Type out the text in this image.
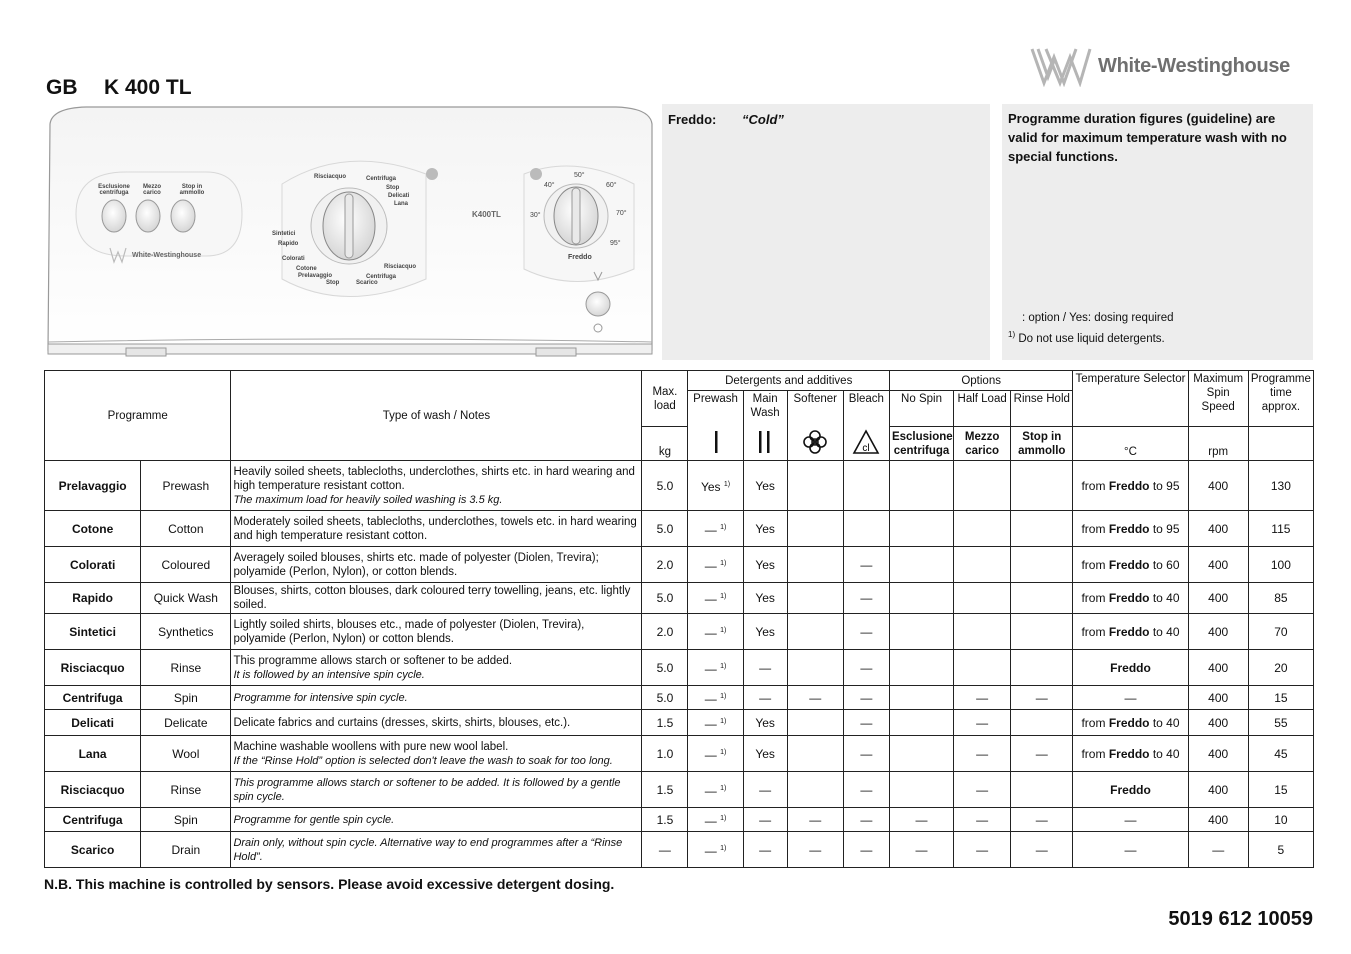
GB K 400 TL
White-Westinghouse
Esclusione centrifuga
Mezzo carico
Stop in ammollo
White-Westinghouse
K400TL
Risciacquo	Centrifuga
Stop
Delicati
Lana
Sintetici
Rapido
Colorati
Cotone
Prelavaggio
Stop
Risciacquo
Centrifuga
Scarico
50°
40°	60°
30°	70°
95°
Freddo
Freddo: “Cold”	Programme duration figures (guideline) are valid for maximum temperature wash with no special functions.
: option / Yes: dosing required
$^{1)}$ Do not use liquid detergents.
Programme		Type of wash / Notes	Max. load	Detergents and additives				Options			Temperature Selector	Maximum Spin Speed	Programme time approx.
				Prewash	Main Wash	Softener	Bleach	No Spin	Half Load	Rinse Hold			
			kg				cl	Esclusione centrifuga	Mezzo carico	Stop in ammollo	°C	rpm	
Prelavaggio	Prewash	Heavily soiled sheets, tablecloths, underclothes, shirts etc. in hard wearing and high temperature resistant cotton.
The maximum load for heavily soiled washing is 3.5 kg.	5.0	Yes $^{1)}$	Yes						from Freddo to 95	400	130
Cotone	Cotton	Moderately soiled sheets, tablecloths, underclothes, towels etc. in hard wearing and high temperature resistant cotton.	5.0	— $^{1)}$	Yes						from Freddo to 95	400	115
Colorati	Coloured	Averagely soiled blouses, shirts etc. made of polyester (Diolen, Trevira); polyamide (Perlon, Nylon), or cotton blends.	2.0	— $^{1)}$	Yes		—				from Freddo to 60	400	100
Rapido	Quick Wash	Blouses, shirts, cotton blouses, dark coloured terry towelling, jeans, etc. lightly soiled.	5.0	— $^{1)}$	Yes		—				from Freddo to 40	400	85
Sintetici	Synthetics	Lightly soiled shirts, blouses etc., made of polyester (Diolen, Trevira), polyamide (Perlon, Nylon) or cotton blends.	2.0	— $^{1)}$	Yes		—				from Freddo to 40	400	70
Risciacquo	Rinse	This programme allows starch or softener to be added.
It is followed by an intensive spin cycle.	5.0	— $^{1)}$	—		—				Freddo	400	20
Centrifuga	Spin	Programme for intensive spin cycle.	5.0	— $^{1)}$	—	—	—		—	—	—	400	15
Delicati	Delicate	Delicate fabrics and curtains (dresses, skirts, shirts, blouses, etc.).	1.5	— $^{1)}$	Yes		—		—		from Freddo to 40	400	55
Lana	Wool	Machine washable woollens with pure new wool label.
If the “Rinse Hold” option is selected don't leave the wash to soak for too long.	1.0	— $^{1)}$	Yes		—		—	—	from Freddo to 40	400	45
Risciacquo	Rinse	This programme allows starch or softener to be added. It is followed by a gentle spin cycle.	1.5	— $^{1)}$	—		—		—		Freddo	400	15
Centrifuga	Spin	Programme for gentle spin cycle.	1.5	— $^{1)}$	—	—	—	—	—	—	—	400	10
Scarico	Drain	Drain only, without spin cycle. Alternative way to end programmes after a “Rinse Hold”.	—	— $^{1)}$	—	—	—	—	—	—	—	—	5
N.B. This machine is controlled by sensors. Please avoid excessive detergent dosing.
5019 612 10059
